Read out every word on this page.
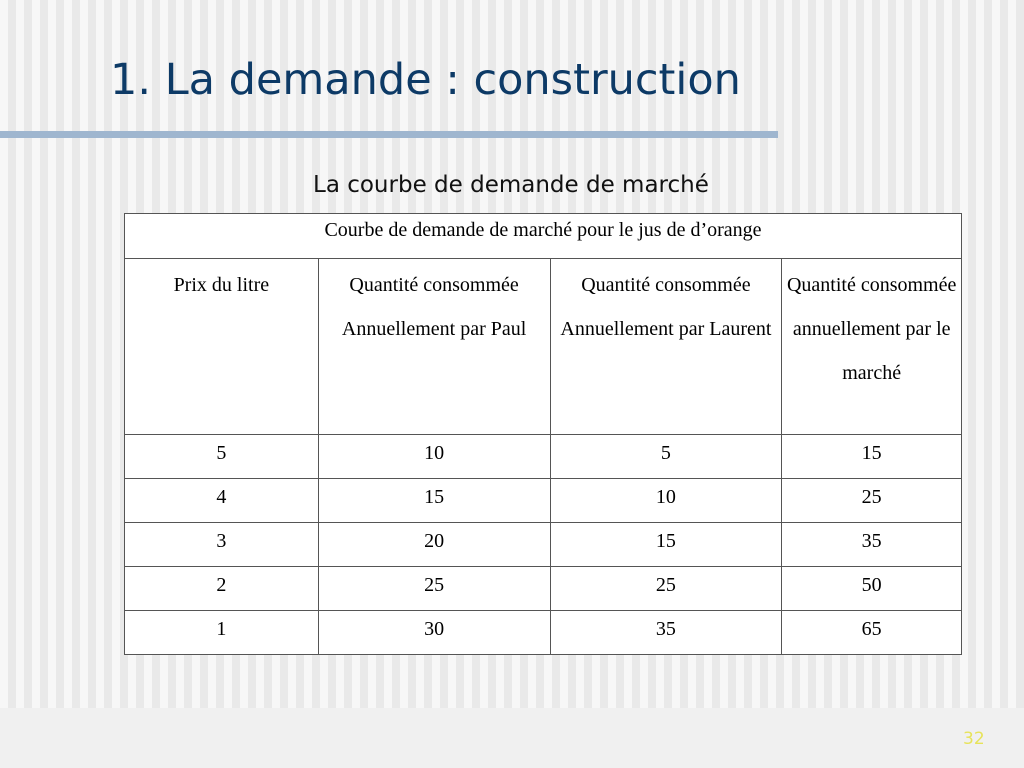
1. La demande : construction
La courbe de demande de marché
Courbe de demande de marché pour le jus de d’orange			
Prix du litre	Quantité consommée Annuellement par Paul	Quantité consommée Annuellement par Laurent	Quantité consommée annuellement par le marché
5	10	5	15
4	15	10	25
3	20	15	35
2	25	25	50
1	30	35	65
32
